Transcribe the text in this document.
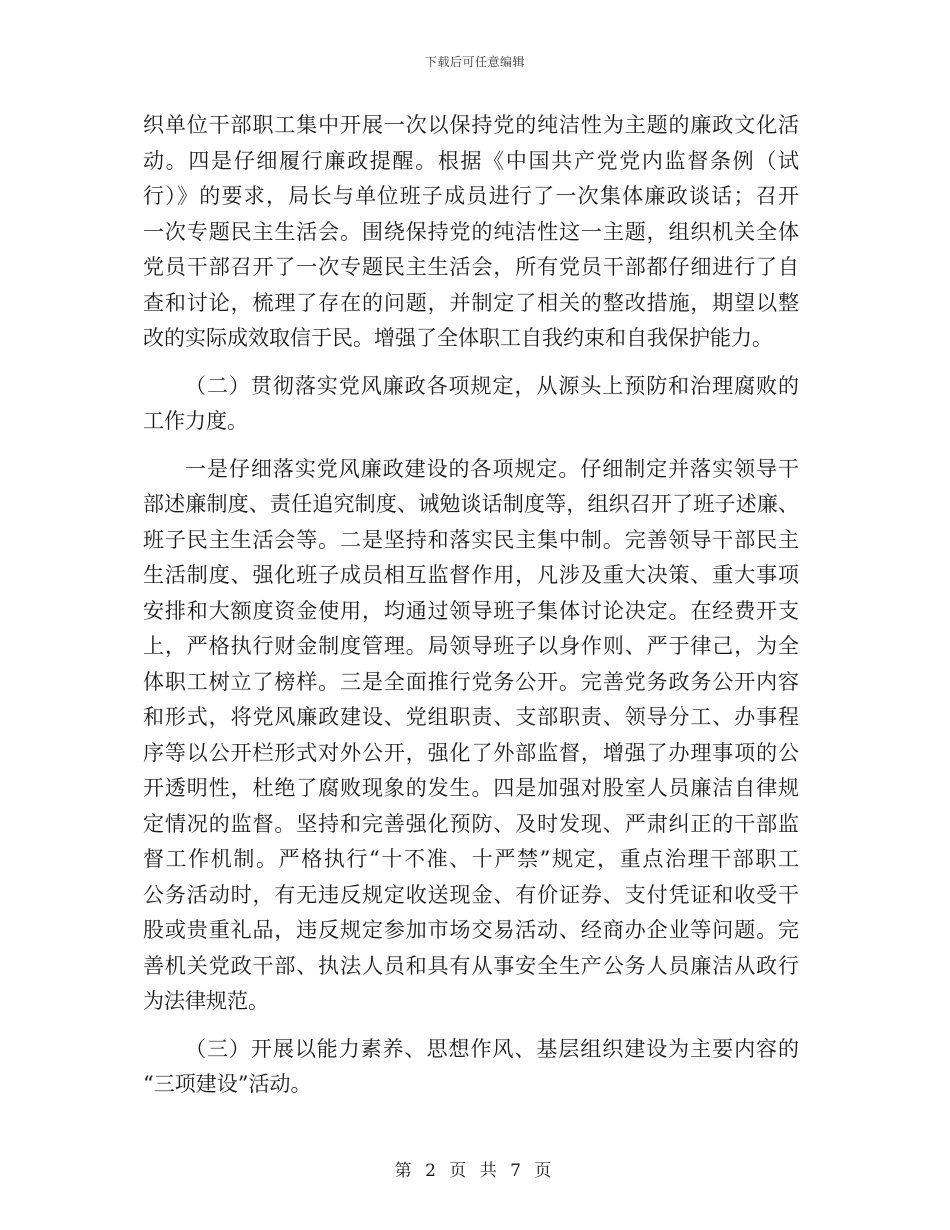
下载后可任意编辑
织单位干部职工集中开展一次以保持党的纯洁性为主题的廉政文化活
动。四是仔细履行廉政提醒。根据《中国共产党党内监督条例（试
行）》的要求，局长与单位班子成员进行了一次集体廉政谈话；召开
一次专题民主生活会。围绕保持党的纯洁性这一主题，组织机关全体
党员干部召开了一次专题民主生活会，所有党员干部都仔细进行了自
查和讨论，梳理了存在的问题，并制定了相关的整改措施，期望以整
改的实际成效取信于民。增强了全体职工自我约束和自我保护能力。
（二）贯彻落实党风廉政各项规定，从源头上预防和治理腐败的
工作力度。
一是仔细落实党风廉政建设的各项规定。仔细制定并落实领导干
部述廉制度、责任追究制度、诫勉谈话制度等，组织召开了班子述廉、
班子民主生活会等。二是坚持和落实民主集中制。完善领导干部民主
生活制度、强化班子成员相互监督作用，凡涉及重大决策、重大事项
安排和大额度资金使用，均通过领导班子集体讨论决定。在经费开支
上，严格执行财金制度管理。局领导班子以身作则、严于律己，为全
体职工树立了榜样。三是全面推行党务公开。完善党务政务公开内容
和形式，将党风廉政建设、党组职责、支部职责、领导分工、办事程
序等以公开栏形式对外公开，强化了外部监督，增强了办理事项的公
开透明性，杜绝了腐败现象的发生。四是加强对股室人员廉洁自律规
定情况的监督。坚持和完善强化预防、及时发现、严肃纠正的干部监
督工作机制。严格执行“十不准、十严禁”规定，重点治理干部职工
公务活动时，有无违反规定收送现金、有价证券、支付凭证和收受干
股或贵重礼品，违反规定参加市场交易活动、经商办企业等问题。完
善机关党政干部、执法人员和具有从事安全生产公务人员廉洁从政行
为法律规范。
（三）开展以能力素养、思想作风、基层组织建设为主要内容的
“三项建设”活动。
第 2 页 共 7 页
